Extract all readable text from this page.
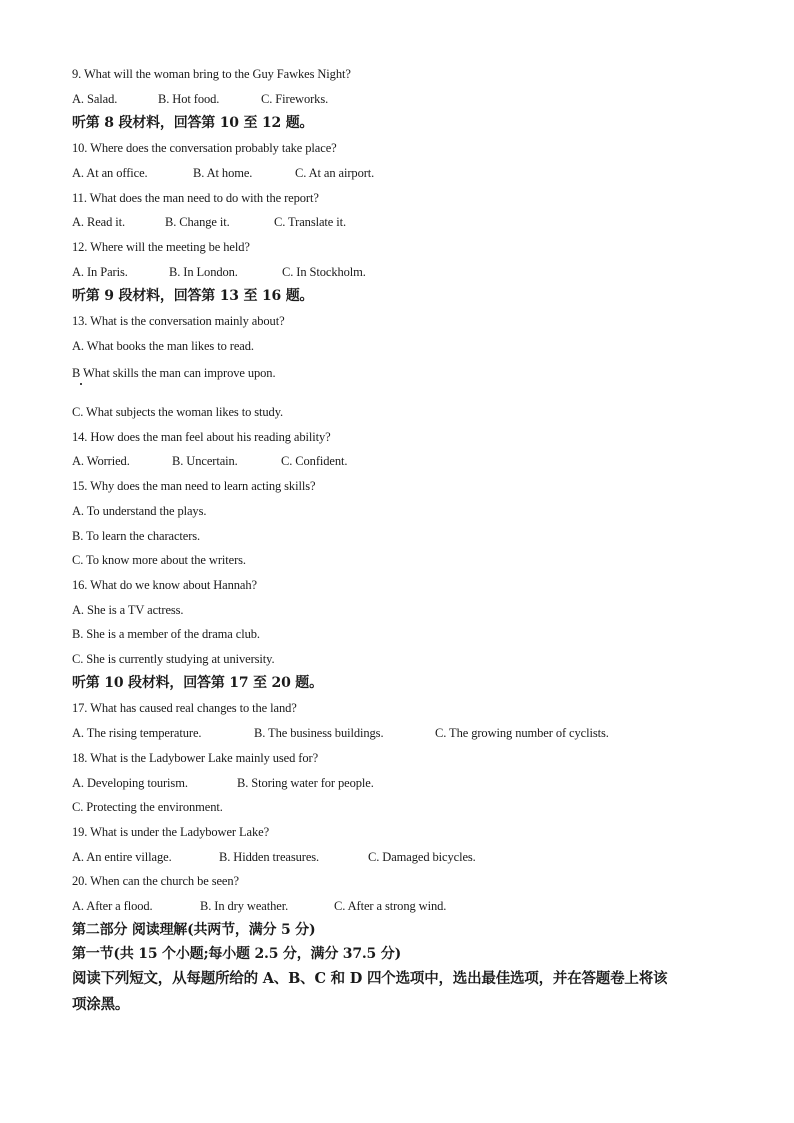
9. What will the woman bring to the Guy Fawkes Night?
A. Salad.	B. Hot food.	C. Fireworks.
听第 8 段材料，回答第 10 至 12 题。
10. Where does the conversation probably take place?
A. At an office.	B. At home.	C. At an airport.
11. What does the man need to do with the report?
A. Read it.	B. Change it.	C. Translate it.
12. Where will the meeting be held?
A. In Paris.	B. In London.	C. In Stockholm.
听第 9 段材料，回答第 13 至 16 题。
13. What is the conversation mainly about?
A. What books the man likes to read.
B What skills the man can improve upon.
C. What subjects the woman likes to study.
14. How does the man feel about his reading ability?
A. Worried.	B. Uncertain.	C. Confident.
15. Why does the man need to learn acting skills?
A. To understand the plays.
B. To learn the characters.
C. To know more about the writers.
16. What do we know about Hannah?
A. She is a TV actress.
B. She is a member of the drama club.
C. She is currently studying at university.
听第 10 段材料，回答第 17 至 20 题。
17. What has caused real changes to the land?
A. The rising temperature.	B. The business buildings.	C. The growing number of cyclists.
18. What is the Ladybower Lake mainly used for?
A. Developing tourism.	B. Storing water for people.
C. Protecting the environment.
19. What is under the Ladybower Lake?
A. An entire village.	B. Hidden treasures.	C. Damaged bicycles.
20. When can the church be seen?
A. After a flood.	B. In dry weather.	C. After a strong wind.
第二部分 阅读理解(共两节，满分 5 分)
第一节(共 15 个小题;每小题 2.5 分，满分 37.5 分)
阅读下列短文，从每题所给的 A、B、C 和 D 四个选项中，选出最佳选项，并在答题卷上将该
项涂黑。
